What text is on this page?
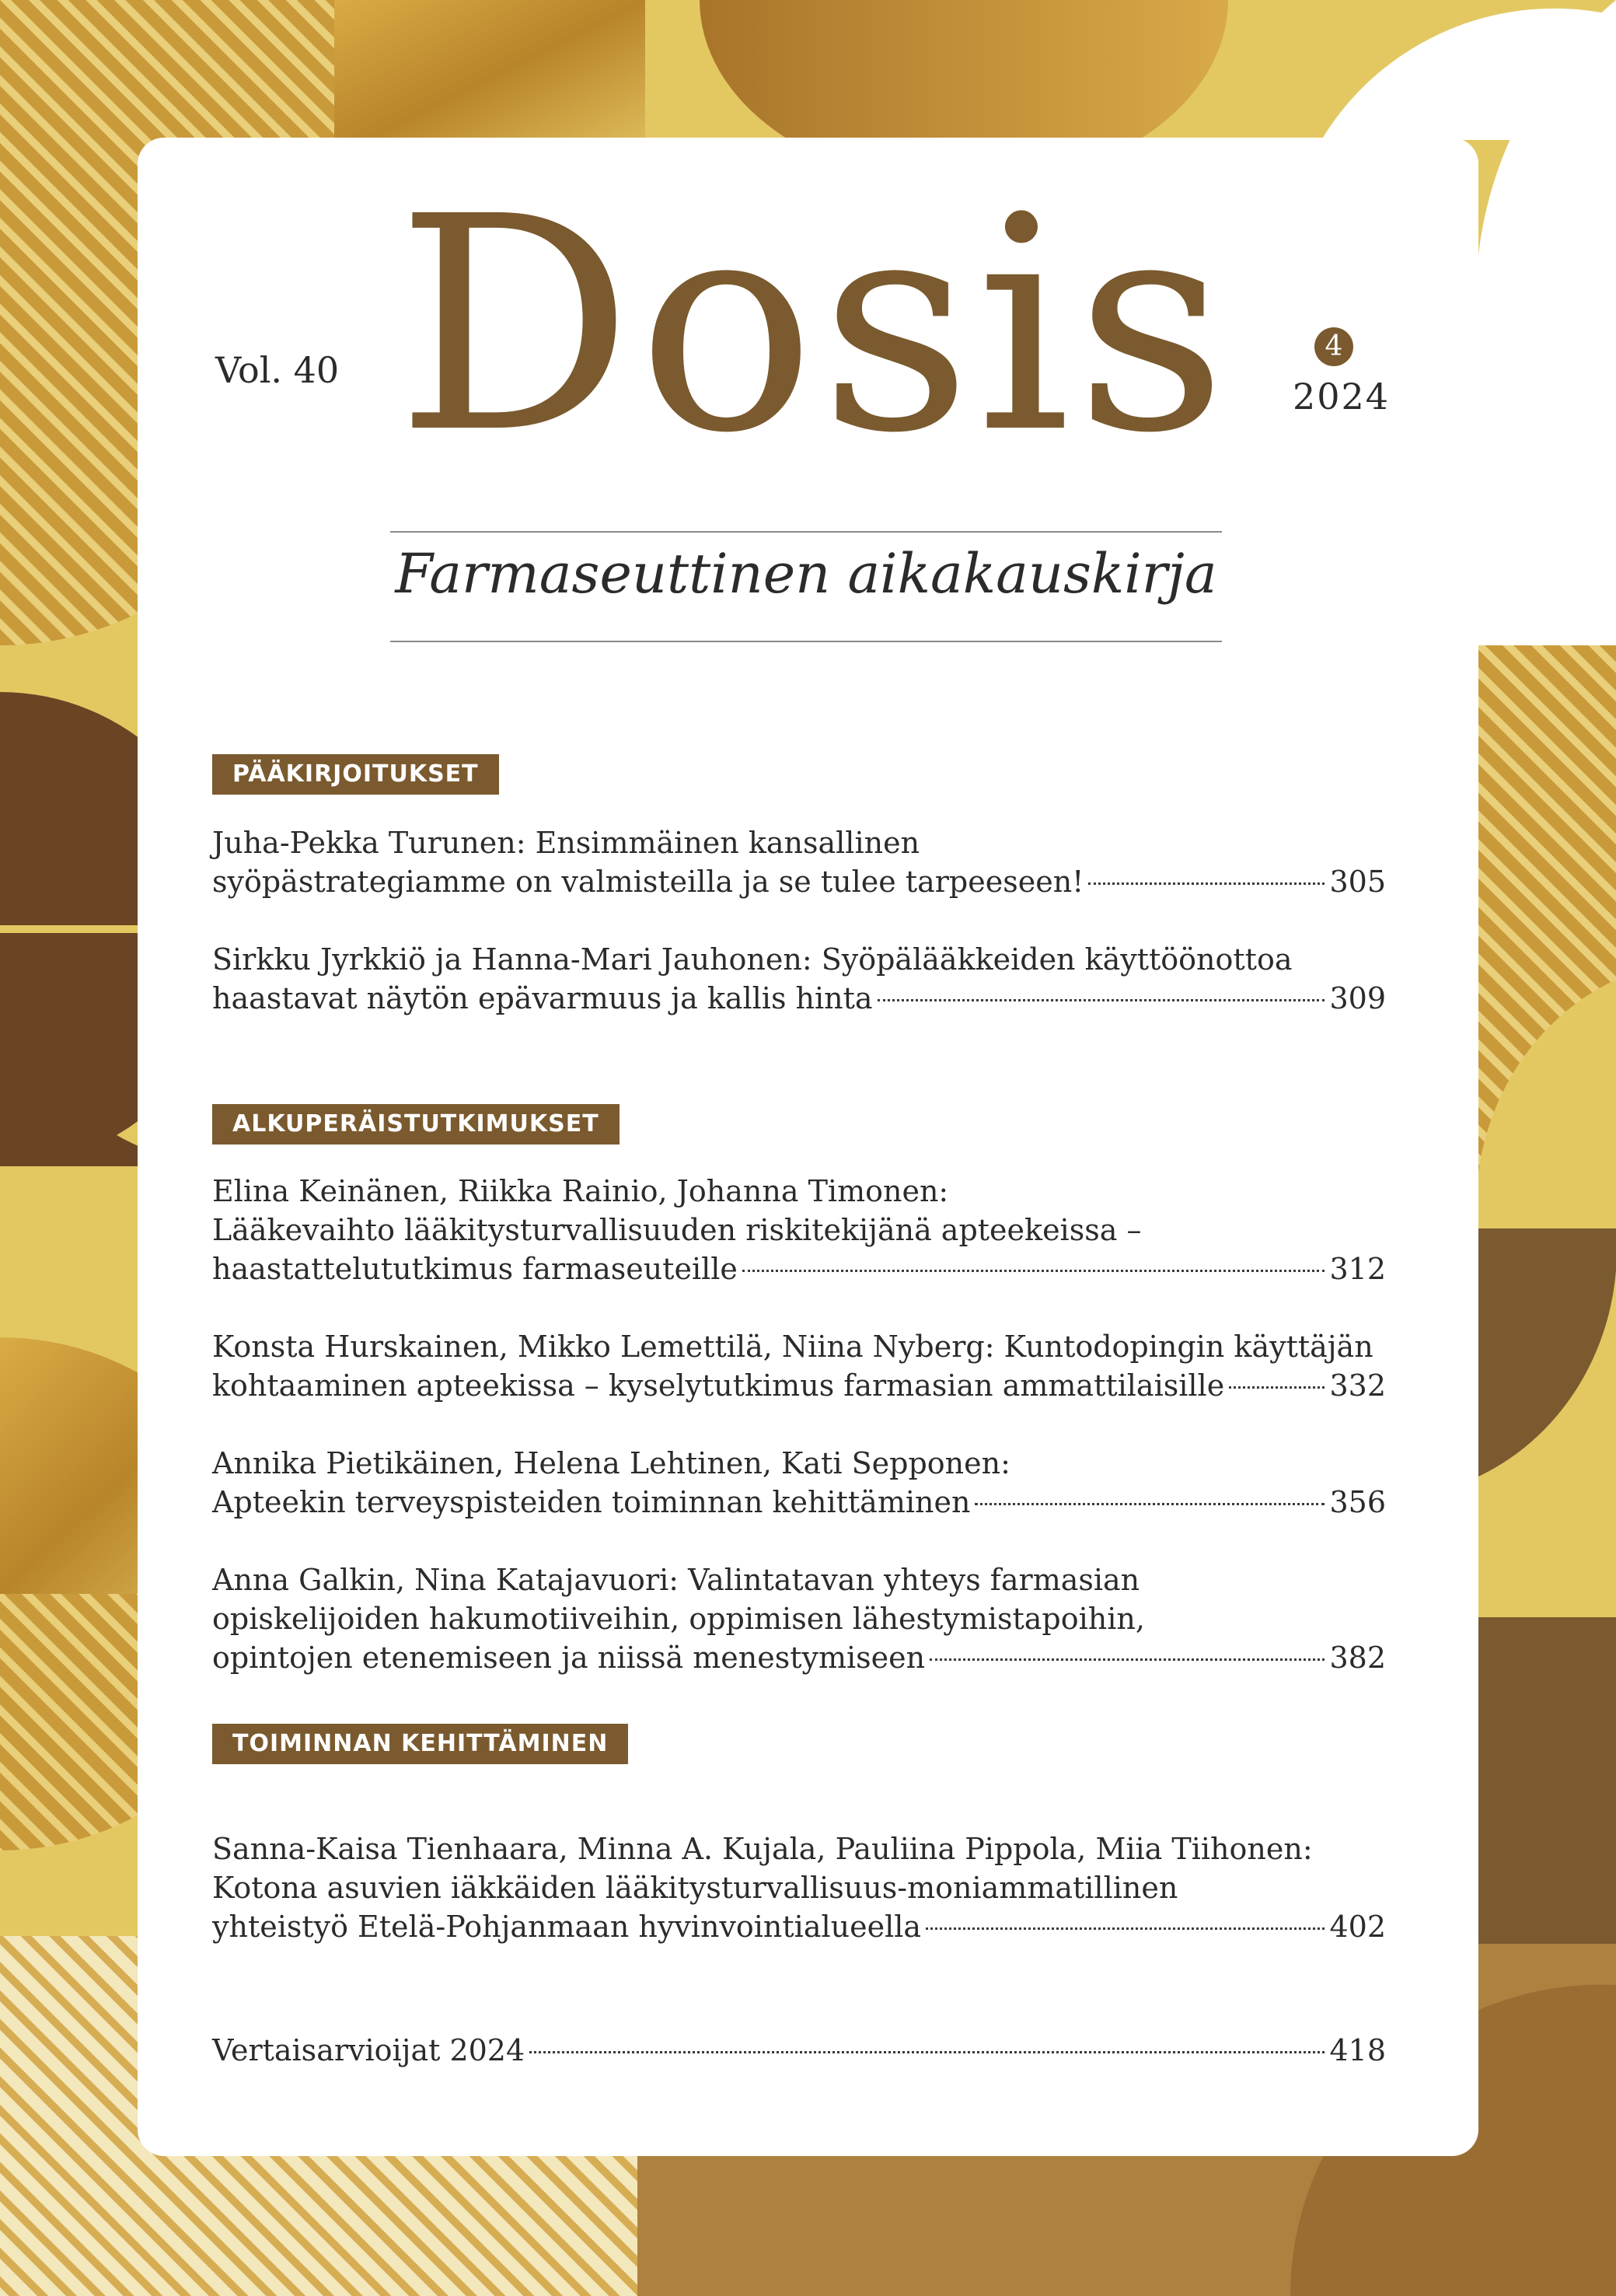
Vol. 40 Dosis
Farmaseuttinen aikakauskirja
4
2024
PÄÄKIRJOITUKSET
Juha-Pekka Turunen: Ensimmäinen kansallinen
syöpästrategiamme on valmisteilla ja se tulee tarpeeseen!	305
Sirkku Jyrkkiö ja Hanna-Mari Jauhonen: Syöpälääkkeiden käyttöönottoa
haastavat näytön epävarmuus ja kallis hinta	309
ALKUPERÄISTUTKIMUKSET
Elina Keinänen, Riikka Rainio, Johanna Timonen:
Lääkevaihto lääkitysturvallisuuden riskitekijänä apteekeissa –
haastattelututkimus farmaseuteille	312
Konsta Hurskainen, Mikko Lemettilä, Niina Nyberg: Kuntodopingin käyttäjän
kohtaaminen apteekissa – kyselytutkimus farmasian ammattilaisille	332
Annika Pietikäinen, Helena Lehtinen, Kati Sepponen:
Apteekin terveyspisteiden toiminnan kehittäminen	356
Anna Galkin, Nina Katajavuori: Valintatavan yhteys farmasian
opiskelijoiden hakumotiiveihin, oppimisen lähestymistapoihin,
opintojen etenemiseen ja niissä menestymiseen	382
TOIMINNAN KEHITTÄMINEN
Sanna-Kaisa Tienhaara, Minna A. Kujala, Pauliina Pippola, Miia Tiihonen:
Kotona asuvien iäkkäiden lääkitysturvallisuus-moniammatillinen
yhteistyö Etelä-Pohjanmaan hyvinvointialueella	402
Vertaisarvioijat 2024	418
